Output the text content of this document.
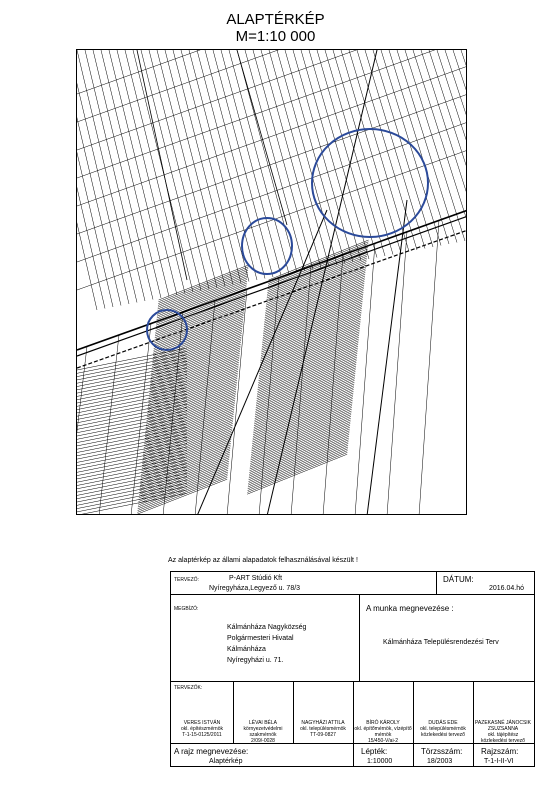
ALAPTÉRKÉP
M=1:10 000
Az alaptérkép az állami alapadatok felhasználásával készült !
TERVEZŐ:	P-ART Stúdió Kft
Nyíregyháza,Legyező u. 78/3
DÁTUM:
2016.04.hó
MEGBÍZÓ:
Kálmánháza Nagyközség
Polgármesteri Hivatal
Kálmánháza
Nyíregyházi u. 71.
A munka megnevezése :
Kálmánháza Településrendezési Terv
TERVEZŐK:
VERES ISTVÁN
okl. építészmérnök
T-1-15-0125/2011
LÉVAI BÉLA
környezetvédelmi szakmérnök
2/09/-0028
NAGYHÁZI ATTILA
okl. településmérnök
TT-09-0827
BÍRÓ KÁROLY
okl. építőmérnök, vízépítő mérnök
15/450-V/ai-2
DUDÁS EDE
okl. településmérnök közlekedési tervező
PAZEKASNÉ JÁNOCSIK ZSUZSANNA
okl. tájépítész közlekedési tervező
A rajz megnevezése:
Alaptérkép
Lépték:
1:10000
Törzsszám:
18/2003
Rajzszám:
T-1-I-II-VI
